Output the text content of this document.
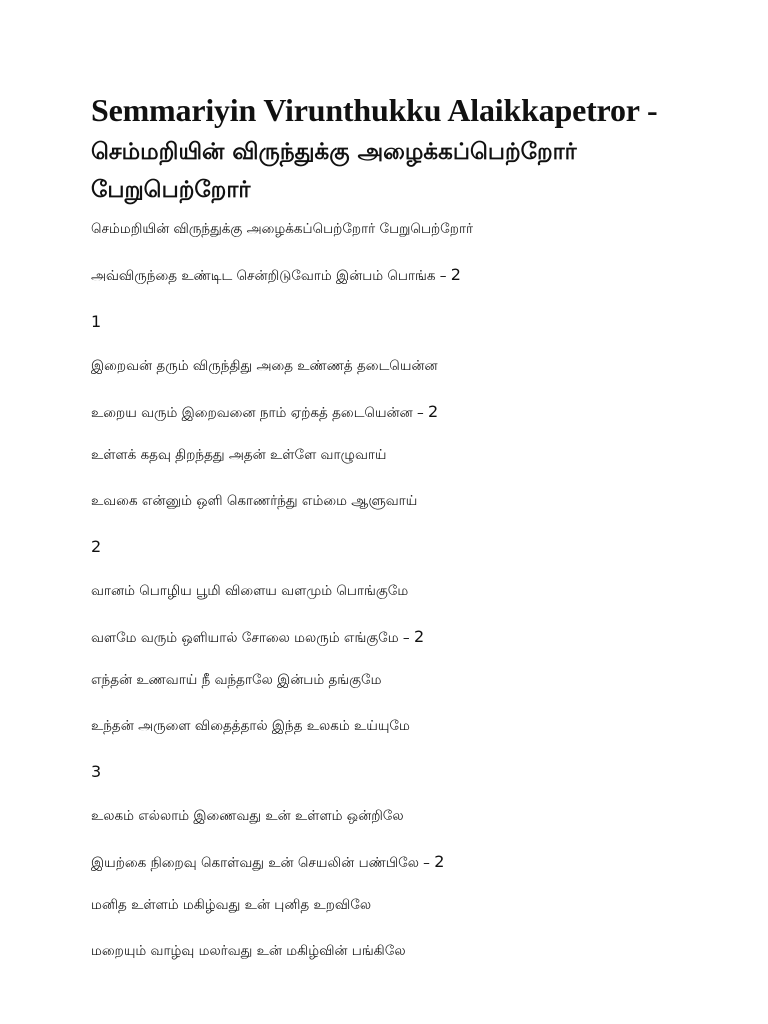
Semmariyin Virunthukku Alaikkapetror -
செம்மறியின் விருந்துக்கு அழைக்கப்பெற்றோர்
பேறுபெற்றோர்

செம்மறியின் விருந்துக்கு அழைக்கப்பெற்றோர் பேறுபெற்றோர்

அவ்விருந்தை உண்டிட சென்றிடுவோம் இன்பம் பொங்க – 2

1

இறைவன் தரும் விருந்திது அதை உண்ணத் தடையென்ன

உறைய வரும் இறைவனை நாம் ஏற்கத் தடையென்ன – 2

உள்ளக் கதவு திறந்தது அதன் உள்ளே வாழுவாய்

உவகை என்னும் ஒளி கொணர்ந்து எம்மை ஆளுவாய்

2

வானம் பொழிய பூமி விளைய வளமும் பொங்குமே

வளமே வரும் ஒளியால் சோலை மலரும் எங்குமே – 2

எந்தன் உணவாய் நீ வந்தாலே இன்பம் தங்குமே

உந்தன் அருளை விதைத்தால் இந்த உலகம் உய்யுமே

3

உலகம் எல்லாம் இணைவது உன் உள்ளம் ஒன்றிலே

இயற்கை நிறைவு கொள்வது உன் செயலின் பண்பிலே – 2

மனித உள்ளம் மகிழ்வது உன் புனித உறவிலே

மறையும் வாழ்வு மலர்வது உன் மகிழ்வின் பங்கிலே
